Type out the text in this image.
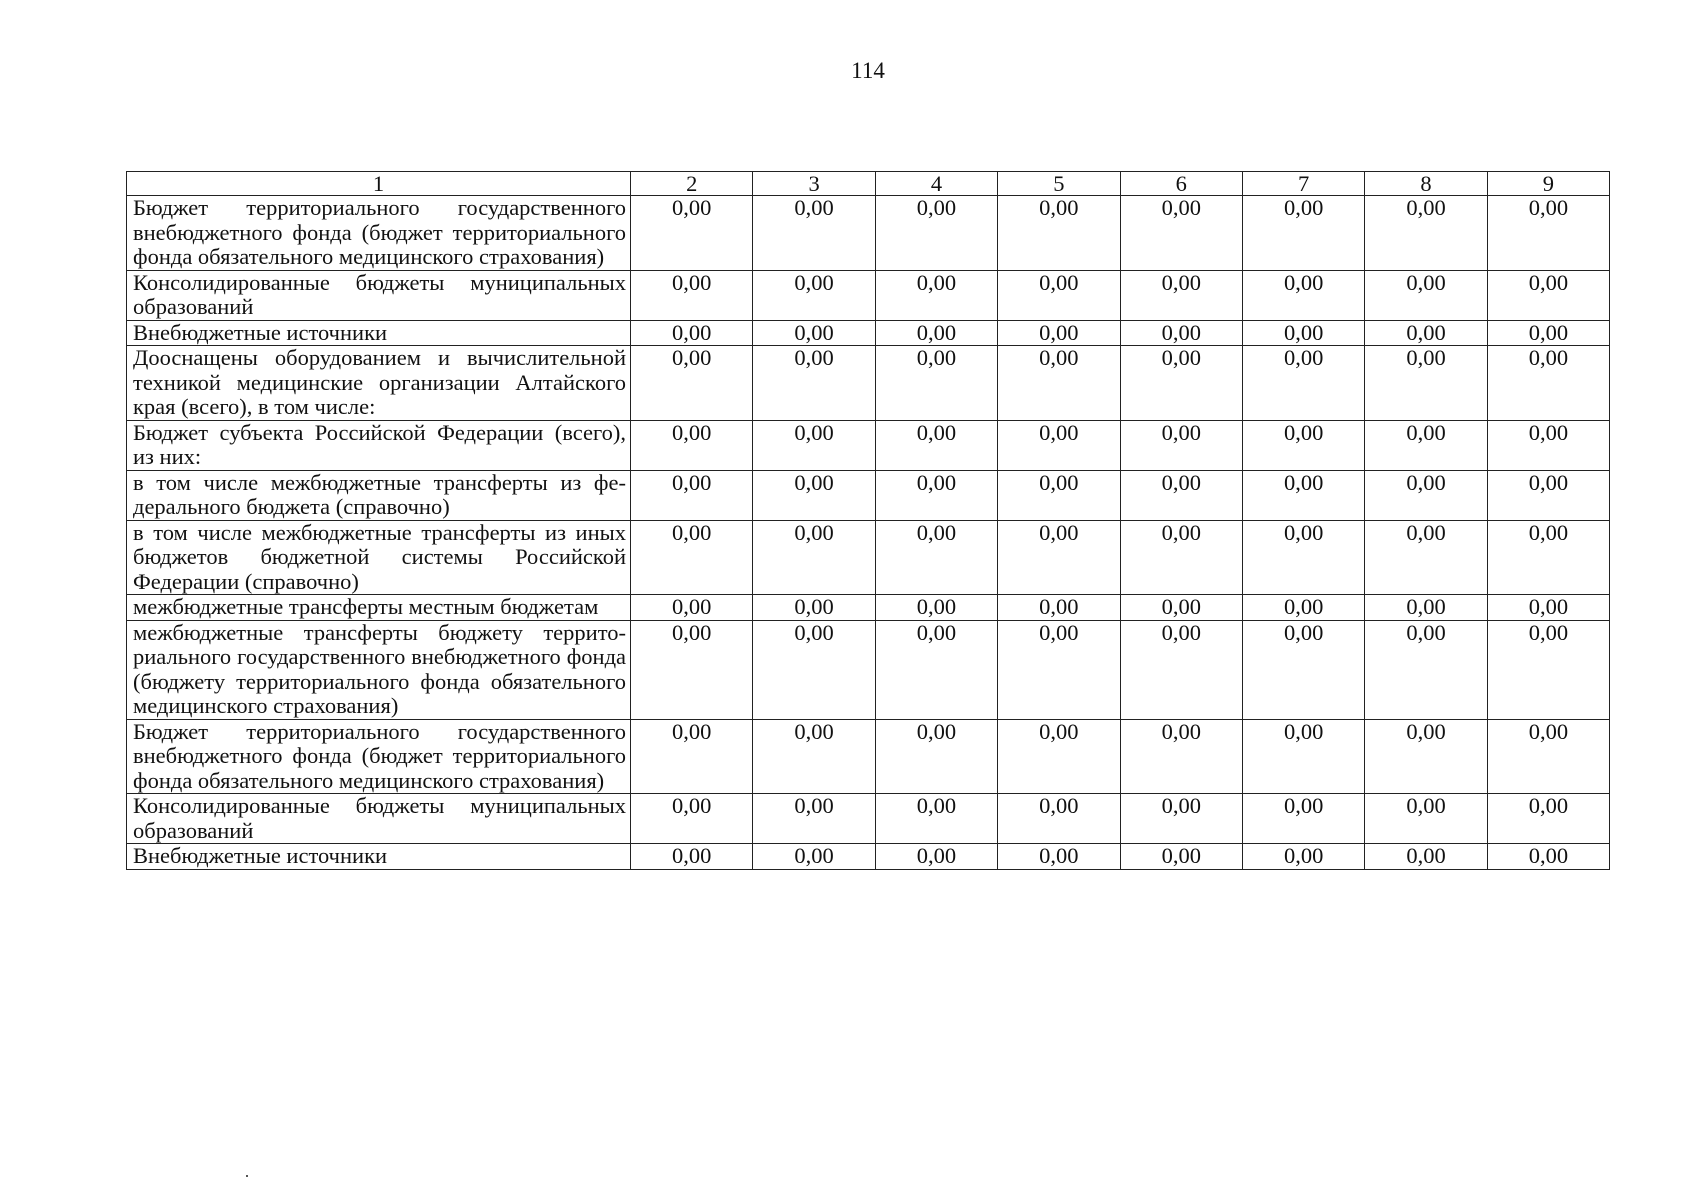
114
1	2	3	4	5	6	7	8	9
Бюджет территориального государственного внебюджетного фонда (бюджет территориального фонда обязательного медицинского страхования)	0,00	0,00	0,00	0,00	0,00	0,00	0,00	0,00
Консолидированные бюджеты муниципальных образований	0,00	0,00	0,00	0,00	0,00	0,00	0,00	0,00
Внебюджетные источники	0,00	0,00	0,00	0,00	0,00	0,00	0,00	0,00
Дооснащены оборудованием и вычислительной техникой медицинские организации Алтайского края (всего), в том числе:	0,00	0,00	0,00	0,00	0,00	0,00	0,00	0,00
Бюджет субъекта Российской Федерации (всего), из них:	0,00	0,00	0,00	0,00	0,00	0,00	0,00	0,00
в том числе межбюджетные трансферты из федерального бюджета (справочно)	0,00	0,00	0,00	0,00	0,00	0,00	0,00	0,00
в том числе межбюджетные трансферты из иных бюджетов бюджетной системы Российской Федерации (справочно)	0,00	0,00	0,00	0,00	0,00	0,00	0,00	0,00
межбюджетные трансферты местным бюджетам	0,00	0,00	0,00	0,00	0,00	0,00	0,00	0,00
межбюджетные трансферты бюджету территориального государственного внебюджетного фонда (бюджету территориального фонда обязательного медицинского страхования)	0,00	0,00	0,00	0,00	0,00	0,00	0,00	0,00
Бюджет территориального государственного внебюджетного фонда (бюджет территориального фонда обязательного медицинского страхования)	0,00	0,00	0,00	0,00	0,00	0,00	0,00	0,00
Консолидированные бюджеты муниципальных образований	0,00	0,00	0,00	0,00	0,00	0,00	0,00	0,00
Внебюджетные источники	0,00	0,00	0,00	0,00	0,00	0,00	0,00	0,00
